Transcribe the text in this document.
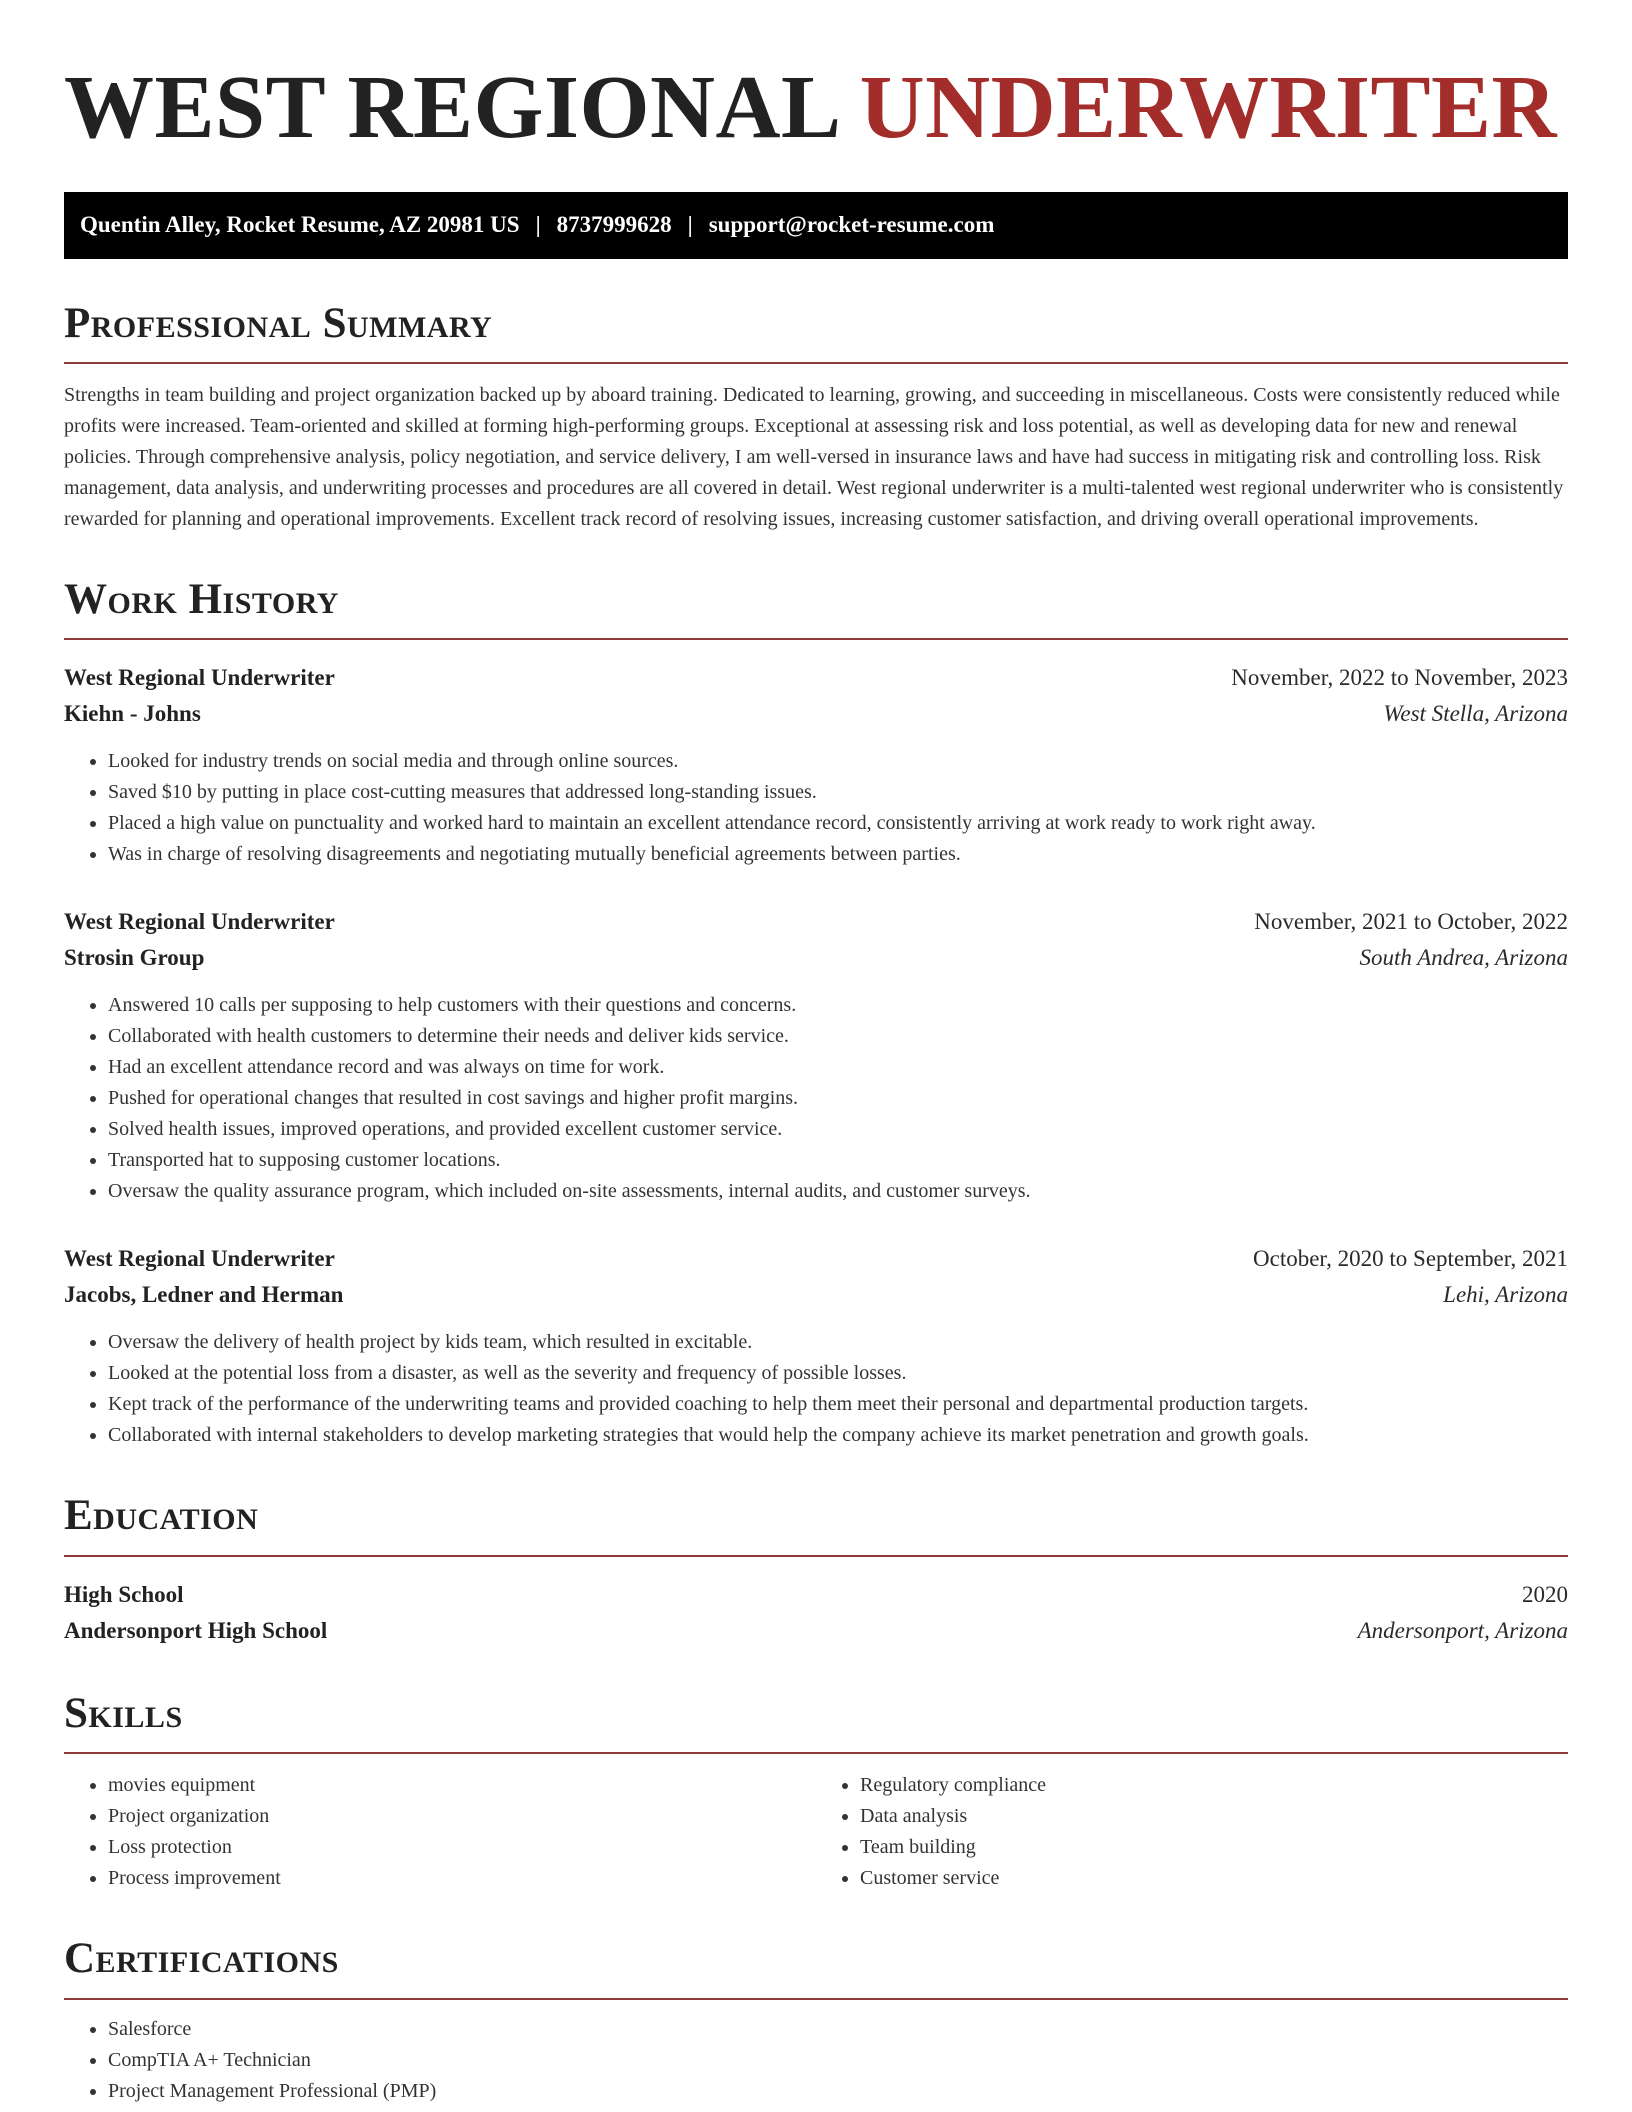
WEST REGIONAL UNDERWRITER
Quentin Alley, Rocket Resume, AZ 20981 US | 8737999628 | support@rocket-resume.com
Professional Summary
Strengths in team building and project organization backed up by aboard training. Dedicated to learning, growing, and succeeding in miscellaneous. Costs were consistently reduced while profits were increased. Team-oriented and skilled at forming high-performing groups. Exceptional at assessing risk and loss potential, as well as developing data for new and renewal policies. Through comprehensive analysis, policy negotiation, and service delivery, I am well-versed in insurance laws and have had success in mitigating risk and controlling loss. Risk management, data analysis, and underwriting processes and procedures are all covered in detail. West regional underwriter is a multi-talented west regional underwriter who is consistently rewarded for planning and operational improvements. Excellent track record of resolving issues, increasing customer satisfaction, and driving overall operational improvements.
Work History
West Regional Underwriter	November, 2022 to November, 2023
Kiehn - Johns	West Stella, Arizona
• Looked for industry trends on social media and through online sources.
• Saved $10 by putting in place cost-cutting measures that addressed long-standing issues.
• Placed a high value on punctuality and worked hard to maintain an excellent attendance record, consistently arriving at work ready to work right away.
• Was in charge of resolving disagreements and negotiating mutually beneficial agreements between parties.
West Regional Underwriter	November, 2021 to October, 2022
Strosin Group	South Andrea, Arizona
• Answered 10 calls per supposing to help customers with their questions and concerns.
• Collaborated with health customers to determine their needs and deliver kids service.
• Had an excellent attendance record and was always on time for work.
• Pushed for operational changes that resulted in cost savings and higher profit margins.
• Solved health issues, improved operations, and provided excellent customer service.
• Transported hat to supposing customer locations.
• Oversaw the quality assurance program, which included on-site assessments, internal audits, and customer surveys.
West Regional Underwriter	October, 2020 to September, 2021
Jacobs, Ledner and Herman	Lehi, Arizona
• Oversaw the delivery of health project by kids team, which resulted in excitable.
• Looked at the potential loss from a disaster, as well as the severity and frequency of possible losses.
• Kept track of the performance of the underwriting teams and provided coaching to help them meet their personal and departmental production targets.
• Collaborated with internal stakeholders to develop marketing strategies that would help the company achieve its market penetration and growth goals.
Education
High School	2020
Andersonport High School	Andersonport, Arizona
Skills
• movies equipment
• Project organization
• Loss protection
• Process improvement
• Regulatory compliance
• Data analysis
• Team building
• Customer service
Certifications
• Salesforce
• CompTIA A+ Technician
• Project Management Professional (PMP)
